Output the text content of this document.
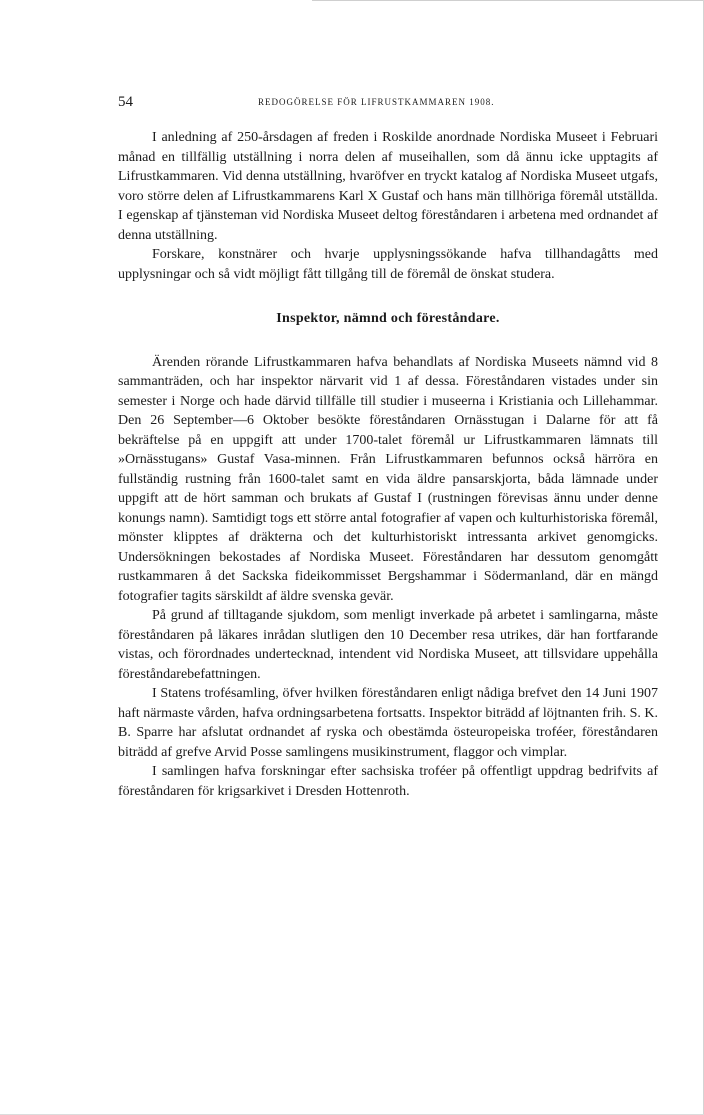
54	REDOGÖRELSE FÖR LIFRUSTKAMMAREN 1908.

I anledning af 250-årsdagen af freden i Roskilde anordnade Nordiska Museet i Februari månad en tillfällig utställning i norra delen af museihallen, som då ännu icke upptagits af Lifrustkammaren. Vid denna utställning, hvaröfver en tryckt katalog af Nordiska Museet utgafs, voro större delen af Lifrustkammarens Karl X Gustaf och hans män tillhöriga föremål utställda. I egenskap af tjänsteman vid Nordiska Museet deltog föreståndaren i arbetena med ordnandet af denna utställning.

Forskare, konstnärer och hvarje upplysningssökande hafva tillhandagåtts med upplysningar och så vidt möjligt fått tillgång till de föremål de önskat studera.

Inspektor, nämnd och föreståndare.

Ärenden rörande Lifrustkammaren hafva behandlats af Nordiska Museets nämnd vid 8 sammanträden, och har inspektor närvarit vid 1 af dessa. Föreståndaren vistades under sin semester i Norge och hade därvid tillfälle till studier i museerna i Kristiania och Lillehammar. Den 26 September—6 Oktober besökte föreståndaren Ornässtugan i Dalarne för att få bekräftelse på en uppgift att under 1700-talet föremål ur Lifrustkammaren lämnats till »Ornässtugans» Gustaf Vasa-minnen. Från Lifrustkammaren befunnos också härröra en fullständig rustning från 1600-talet samt en vida äldre pansarskjorta, båda lämnade under uppgift att de hört samman och brukats af Gustaf I (rustningen förevisas ännu under denne konungs namn). Samtidigt togs ett större antal fotografier af vapen och kulturhistoriska föremål, mönster klipptes af dräkterna och det kulturhistoriskt intressanta arkivet genomgicks. Undersökningen bekostades af Nordiska Museet. Föreståndaren har dessutom genomgått rustkammaren å det Sackska fideikommisset Bergshammar i Södermanland, där en mängd fotografier tagits särskildt af äldre svenska gevär.

På grund af tilltagande sjukdom, som menligt inverkade på arbetet i samlingarna, måste föreståndaren på läkares inrådan slutligen den 10 December resa utrikes, där han fortfarande vistas, och förordnades undertecknad, intendent vid Nordiska Museet, att tillsvidare uppehålla föreståndarebefattningen.

I Statens trofésamling, öfver hvilken föreståndaren enligt nådiga brefvet den 14 Juni 1907 haft närmaste vården, hafva ordningsarbetena fortsatts. Inspektor biträdd af löjtnanten frih. S. K. B. Sparre har afslutat ordnandet af ryska och obestämda östeuropeiska troféer, föreståndaren biträdd af grefve Arvid Posse samlingens musikinstrument, flaggor och vimplar.

I samlingen hafva forskningar efter sachsiska troféer på offentligt uppdrag bedrifvits af föreståndaren för krigsarkivet i Dresden Hottenroth.
